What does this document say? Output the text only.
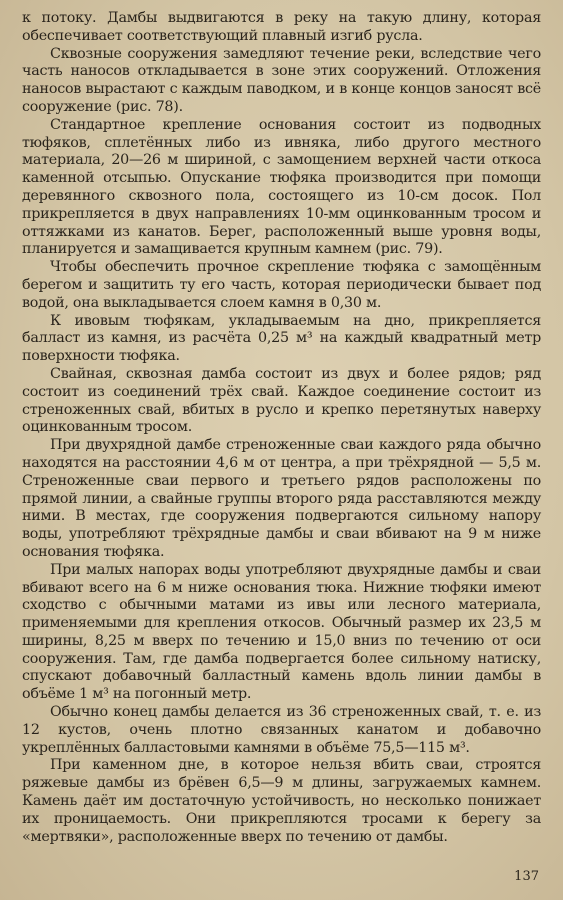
к потоку. Дамбы выдвигаются в реку на такую длину, которая обеспечивает соответствующий плавный изгиб русла.

Сквозные сооружения замедляют течение реки, вследствие чего часть наносов откладывается в зоне этих сооружений. Отложения наносов вырастают с каждым паводком, и в конце концов заносят всё сооружение (рис. 78).

Стандартное крепление основания состоит из подводных тюфяков, сплетённых либо из ивняка, либо другого местного материала, 20—26 м шириной, с замощением верхней части откоса каменной отсыпью. Опускание тюфяка производится при помощи деревянного сквозного пола, состоящего из 10-см досок. Пол прикрепляется в двух направлениях 10-мм оцинкованным тросом и оттяжками из канатов. Берег, расположенный выше уровня воды, планируется и замащивается крупным камнем (рис. 79).

Чтобы обеспечить прочное скрепление тюфяка с замощённым берегом и защитить ту его часть, которая периодически бывает под водой, она выкладывается слоем камня в 0,30 м.

К ивовым тюфякам, укладываемым на дно, прикрепляется балласт из камня, из расчёта 0,25 м³ на каждый квадратный метр поверхности тюфяка.

Свайная, сквозная дамба состоит из двух и более рядов; ряд состоит из соединений трёх свай. Каждое соединение состоит из стреноженных свай, вбитых в русло и крепко перетянутых наверху оцинкованным тросом.

При двухрядной дамбе стреноженные сваи каждого ряда обычно находятся на расстоянии 4,6 м от центра, а при трёхрядной — 5,5 м. Стреноженные сваи первого и третьего рядов расположены по прямой линии, а свайные группы второго ряда расставляются между ними. В местах, где сооружения подвергаются сильному напору воды, употребляют трёхрядные дамбы и сваи вбивают на 9 м ниже основания тюфяка.

При малых напорах воды употребляют двухрядные дамбы и сваи вбивают всего на 6 м ниже основания тюка. Нижние тюфяки имеют сходство с обычными матами из ивы или лесного материала, применяемыми для крепления откосов. Обычный размер их 23,5 м ширины, 8,25 м вверх по течению и 15,0 вниз по течению от оси сооружения. Там, где дамба подвергается более сильному натиску, спускают добавочный балластный камень вдоль линии дамбы в объёме 1 м³ на погонный метр.

Обычно конец дамбы делается из 36 стреноженных свай, т. е. из 12 кустов, очень плотно связанных канатом и добавочно укреплённых балластовыми камнями в объёме 75,5—115 м³.

При каменном дне, в которое нельзя вбить сваи, строятся ряжевые дамбы из брёвен 6,5—9 м длины, загружаемых камнем. Камень даёт им достаточную устойчивость, но несколько понижает их проницаемость. Они прикрепляются тросами к берегу за «мертвяки», расположенные вверх по течению от дамбы.

137
